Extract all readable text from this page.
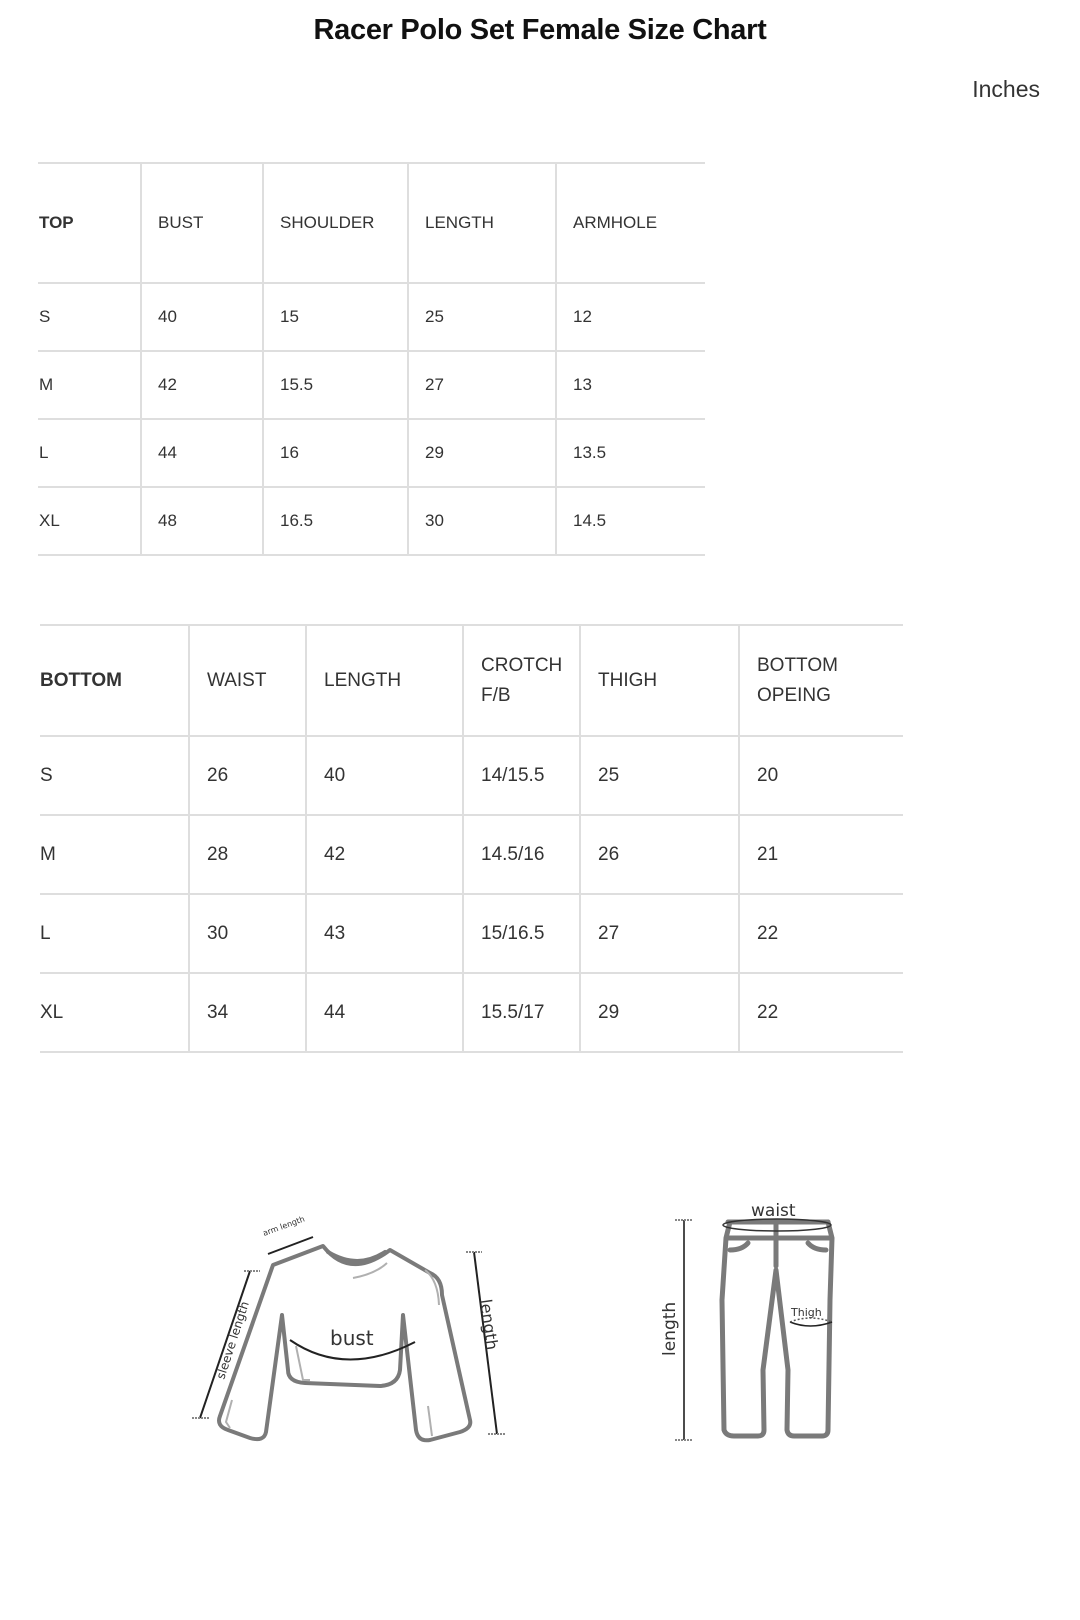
Racer Polo Set Female Size Chart
Inches
TOP	BUST	SHOULDER	LENGTH	ARMHOLE
S	40	15	25	12
M	42	15.5	27	13
L	44	16	29	13.5
XL	48	16.5	30	14.5
BOTTOM	WAIST	LENGTH	CROTCH F/B	THIGH	BOTTOM OPEING
S	26	40	14/15.5	25	20
M	28	42	14.5/16	26	21
L	30	43	15/16.5	27	22
XL	34	44	15.5/17	29	22
arm length
sleeve length	bust	length
waist
Thigh
length
